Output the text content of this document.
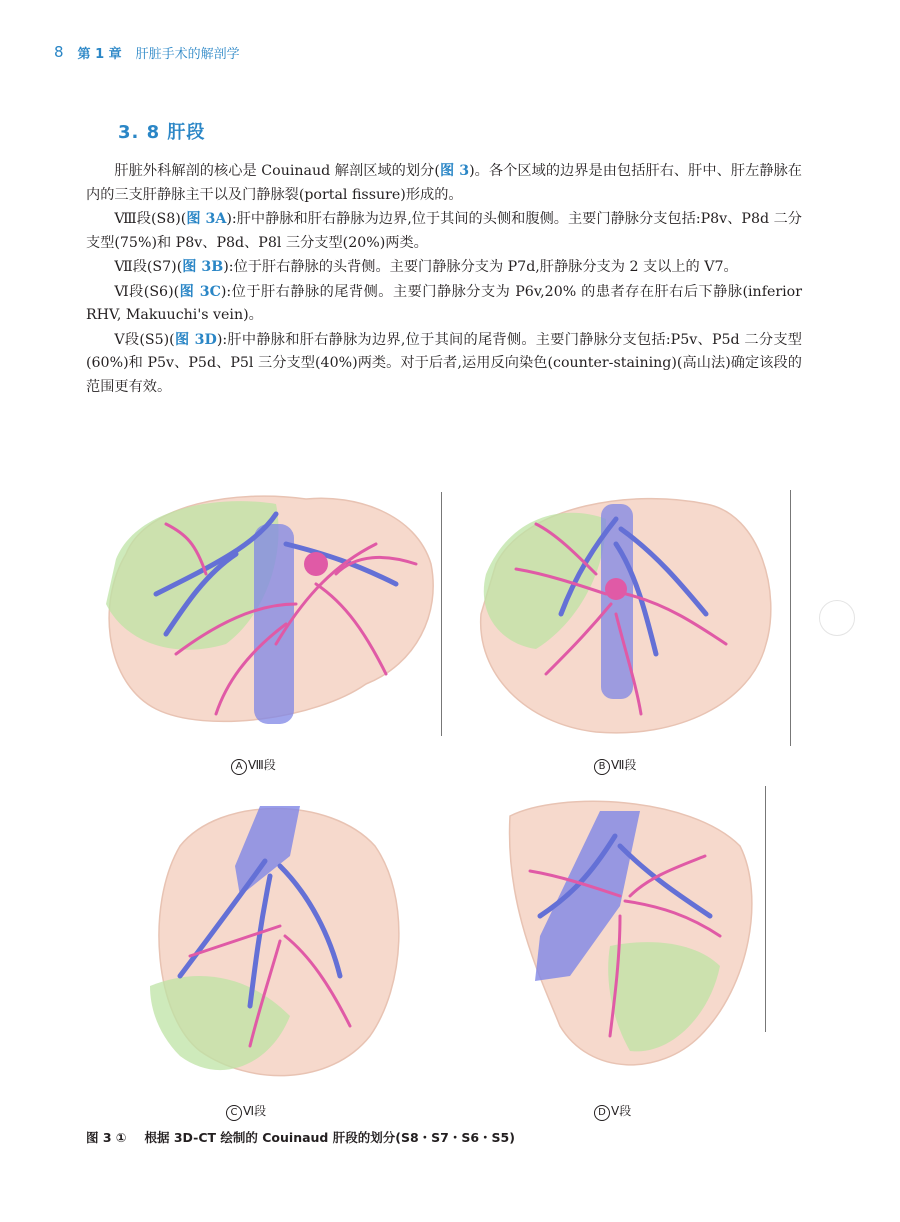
8 第 1 章 肝脏手术的解剖学
3. 8 肝段

肝脏外科解剖的核心是 Couinaud 解剖区域的划分(图 3)。各个区域的边界是由包括肝右、肝中、肝左静脉在内的三支肝静脉主干以及门静脉裂(portal fissure)形成的。

Ⅷ段(S8)(图 3A):肝中静脉和肝右静脉为边界,位于其间的头侧和腹侧。主要门静脉分支包括:P8v、P8d 二分支型(75%)和 P8v、P8d、P8l 三分支型(20%)两类。

Ⅶ段(S7)(图 3B):位于肝右静脉的头背侧。主要门静脉分支为 P7d,肝静脉分支为 2 支以上的 V7。

Ⅵ段(S6)(图 3C):位于肝右静脉的尾背侧。主要门静脉分支为 P6v,20% 的患者存在肝右后下静脉(inferior RHV, Makuuchi's vein)。

Ⅴ段(S5)(图 3D):肝中静脉和肝右静脉为边界,位于其间的尾背侧。主要门静脉分支包括:P5v、P5d 二分支型(60%)和 P5v、P5d、P5l 三分支型(40%)两类。对于后者,运用反向染色(counter-staining)(高山法)确定该段的范围更有效。

A Ⅷ段	B Ⅶ段
C Ⅵ段	D Ⅴ段
图 3 ① 根据 3D-CT 绘制的 Couinaud 肝段的划分(S8・S7・S6・S5)
